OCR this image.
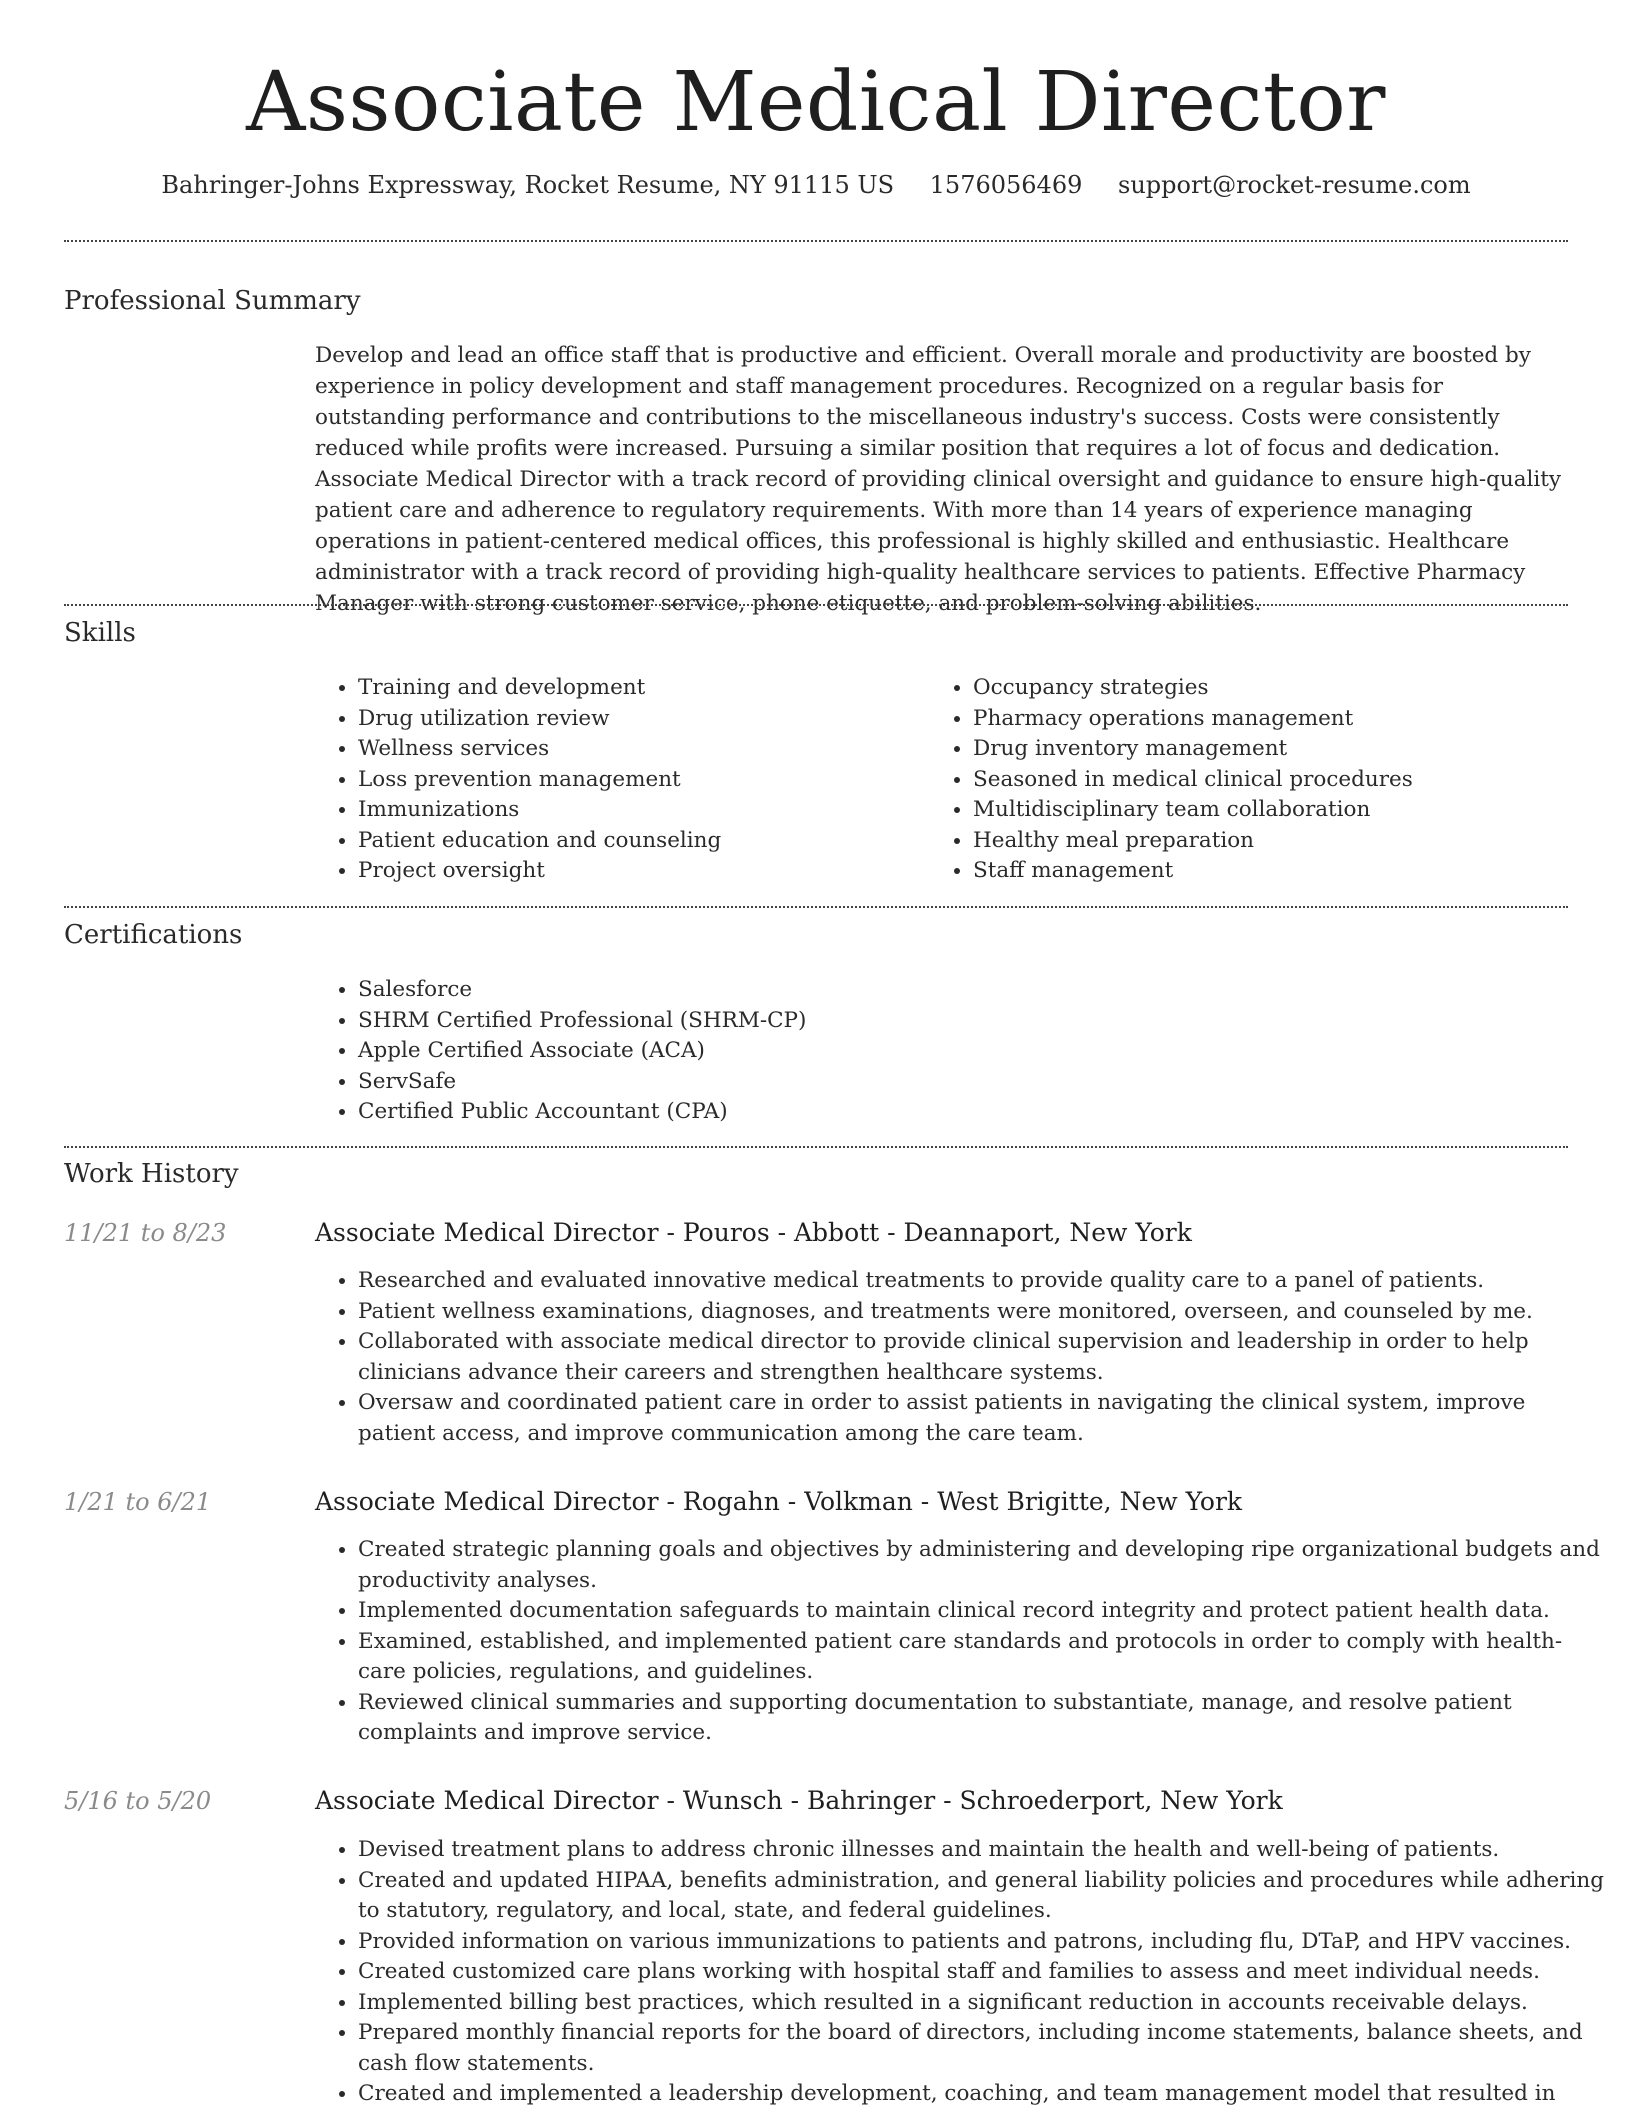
Associate Medical Director
Bahringer-Johns Expressway, Rocket Resume, NY 91115 US 1576056469 support@rocket-resume.com
Professional Summary

Develop and lead an office staff that is productive and efficient. Overall morale and productivity are boosted by experience in policy development and staff management procedures. Recognized on a regular basis for outstanding performance and contributions to the miscellaneous industry's success. Costs were consistently reduced while profits were increased. Pursuing a similar position that requires a lot of focus and dedication. Associate Medical Director with a track record of providing clinical oversight and guidance to ensure high-quality patient care and adherence to regulatory requirements. With more than 14 years of experience managing operations in patient-centered medical offices, this professional is highly skilled and enthusiastic. Healthcare administrator with a track record of providing high-quality healthcare services to patients. Effective Pharmacy Manager with strong customer service, phone etiquette, and problem-solving abilities.

Skills
• Training and development
• Drug utilization review
• Wellness services
• Loss prevention management
• Immunizations
• Patient education and counseling
• Project oversight
• Occupancy strategies
• Pharmacy operations management
• Drug inventory management
• Seasoned in medical clinical procedures
• Multidisciplinary team collaboration
• Healthy meal preparation
• Staff management
Certifications
• Salesforce
• SHRM Certified Professional (SHRM-CP)
• Apple Certified Associate (ACA)
• ServSafe
• Certified Public Accountant (CPA)
Work History
11/21 to 8/23	Associate Medical Director - Pouros - Abbott - Deannaport, New York
• Researched and evaluated innovative medical treatments to provide quality care to a panel of patients.
• Patient wellness examinations, diagnoses, and treatments were monitored, overseen, and counseled by me.
• Collaborated with associate medical director to provide clinical supervision and leadership in order to help clinicians advance their careers and strengthen healthcare systems.
• Oversaw and coordinated patient care in order to assist patients in navigating the clinical system, improve patient access, and improve communication among the care team.
1/21 to 6/21	Associate Medical Director - Rogahn - Volkman - West Brigitte, New York
• Created strategic planning goals and objectives by administering and developing ripe organizational budgets and productivity analyses.
• Implemented documentation safeguards to maintain clinical record integrity and protect patient health data.
• Examined, established, and implemented patient care standards and protocols in order to comply with health-care policies, regulations, and guidelines.
• Reviewed clinical summaries and supporting documentation to substantiate, manage, and resolve patient complaints and improve service.
5/16 to 5/20	Associate Medical Director - Wunsch - Bahringer - Schroederport, New York
• Devised treatment plans to address chronic illnesses and maintain the health and well-being of patients.
• Created and updated HIPAA, benefits administration, and general liability policies and procedures while adhering to statutory, regulatory, and local, state, and federal guidelines.
• Provided information on various immunizations to patients and patrons, including flu, DTaP, and HPV vaccines.
• Created customized care plans working with hospital staff and families to assess and meet individual needs.
• Implemented billing best practices, which resulted in a significant reduction in accounts receivable delays.
• Prepared monthly financial reports for the board of directors, including income statements, balance sheets, and cash flow statements.
• Created and implemented a leadership development, coaching, and team management model that resulted in
